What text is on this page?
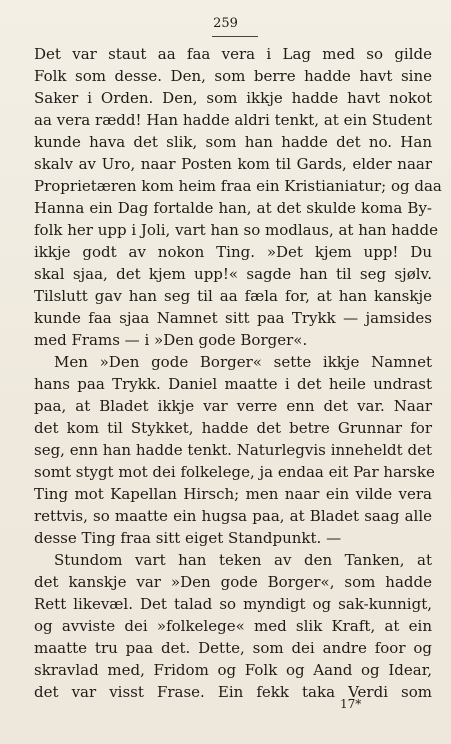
259
Det var staut aa faa vera i Lag med so gilde
Folk som desse. Den, som berre hadde havt sine
Saker i Orden. Den, som ikkje hadde havt nokot
aa vera rædd! Han hadde aldri tenkt, at ein Student
kunde hava det slik, som han hadde det no. Han
skalv av Uro, naar Posten kom til Gards, elder naar
Proprietæren kom heim fraa ein Kristianiatur; og daa
Hanna ein Dag fortalde han, at det skulde koma By-
folk her upp i Joli, vart han so modlaus, at han hadde
ikkje godt av nokon Ting. »Det kjem upp! Du
skal sjaa, det kjem upp!« sagde han til seg sjølv.
Tilslutt gav han seg til aa fæla for, at han kanskje
kunde faa sjaa Namnet sitt paa Trykk — jamsides
med Frams — i »Den gode Borger«.
Men »Den gode Borger« sette ikkje Namnet
hans paa Trykk. Daniel maatte i det heile undrast
paa, at Bladet ikkje var verre enn det var. Naar
det kom til Stykket, hadde det betre Grunnar for
seg, enn han hadde tenkt. Naturlegvis inneheldt det
somt stygt mot dei folkelege, ja endaa eit Par harske
Ting mot Kapellan Hirsch; men naar ein vilde vera
rettvis, so maatte ein hugsa paa, at Bladet saag alle
desse Ting fraa sitt eiget Standpunkt. —
Stundom vart han teken av den Tanken, at
det kanskje var »Den gode Borger«, som hadde
Rett likevæl. Det talad so myndigt og sak-kunnigt,
og avviste dei »folkelege« med slik Kraft, at ein
maatte tru paa det. Dette, som dei andre foor og
skravlad med, Fridom og Folk og Aand og Idear,
det var visst Frase. Ein fekk taka Verdi som
17*
